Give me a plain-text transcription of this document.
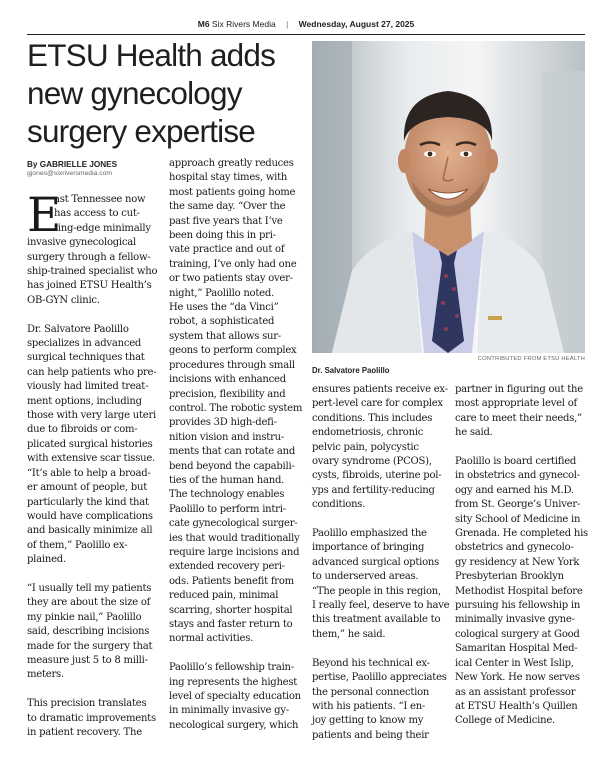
M6 Six Rivers Media | Wednesday, August 27, 2025
ETSU Health adds
new gynecology
surgery expertise
By GABRIELLE JONES
gjones@sixriversmedia.com
E
ast Tennessee now
has access to cut-
ting-edge minimally
invasive gynecological
surgery through a fellow-
ship-trained specialist who
has joined ETSU Health’s
OB-GYN clinic.
Dr. Salvatore Paolillo
specializes in advanced
surgical techniques that
can help patients who pre-
viously had limited treat-
ment options, including
those with very large uteri
due to fibroids or com-
plicated surgical histories
with extensive scar tissue.
“It’s able to help a broad-
er amount of people, but
particularly the kind that
would have complications
and basically minimize all
of them,” Paolillo ex-
plained.
“I usually tell my patients
they are about the size of
my pinkie nail,” Paolillo
said, describing incisions
made for the surgery that
measure just 5 to 8 milli-
meters.
This precision translates
to dramatic improvements
in patient recovery. The
approach greatly reduces
hospital stay times, with
most patients going home
the same day. “Over the
past five years that I’ve
been doing this in pri-
vate practice and out of
training, I’ve only had one
or two patients stay over-
night,” Paolillo noted.
He uses the “da Vinci”
robot, a sophisticated
system that allows sur-
geons to perform complex
procedures through small
incisions with enhanced
precision, flexibility and
control. The robotic system
provides 3D high-defi-
nition vision and instru-
ments that can rotate and
bend beyond the capabili-
ties of the human hand.
The technology enables
Paolillo to perform intri-
cate gynecological surger-
ies that would traditionally
require large incisions and
extended recovery peri-
ods. Patients benefit from
reduced pain, minimal
scarring, shorter hospital
stays and faster return to
normal activities.
Paolillo’s fellowship train-
ing represents the highest
level of specialty education
in minimally invasive gy-
necological surgery, which
CONTRIBUTED FROM ETSU HEALTH
Dr. Salvatore Paolillo
ensures patients receive ex-
pert-level care for complex
conditions. This includes
endometriosis, chronic
pelvic pain, polycystic
ovary syndrome (PCOS),
cysts, fibroids, uterine pol-
yps and fertility-reducing
conditions.
Paolillo emphasized the
importance of bringing
advanced surgical options
to underserved areas.
“The people in this region,
I really feel, deserve to have
this treatment available to
them,” he said.
Beyond his technical ex-
pertise, Paolillo appreciates
the personal connection
with his patients. “I en-
joy getting to know my
patients and being their
partner in figuring out the
most appropriate level of
care to meet their needs,”
he said.
Paolillo is board certified
in obstetrics and gynecol-
ogy and earned his M.D.
from St. George’s Univer-
sity School of Medicine in
Grenada. He completed his
obstetrics and gynecolo-
gy residency at New York
Presbyterian Brooklyn
Methodist Hospital before
pursuing his fellowship in
minimally invasive gyne-
cological surgery at Good
Samaritan Hospital Med-
ical Center in West Islip,
New York. He now serves
as an assistant professor
at ETSU Health’s Quillen
College of Medicine.
